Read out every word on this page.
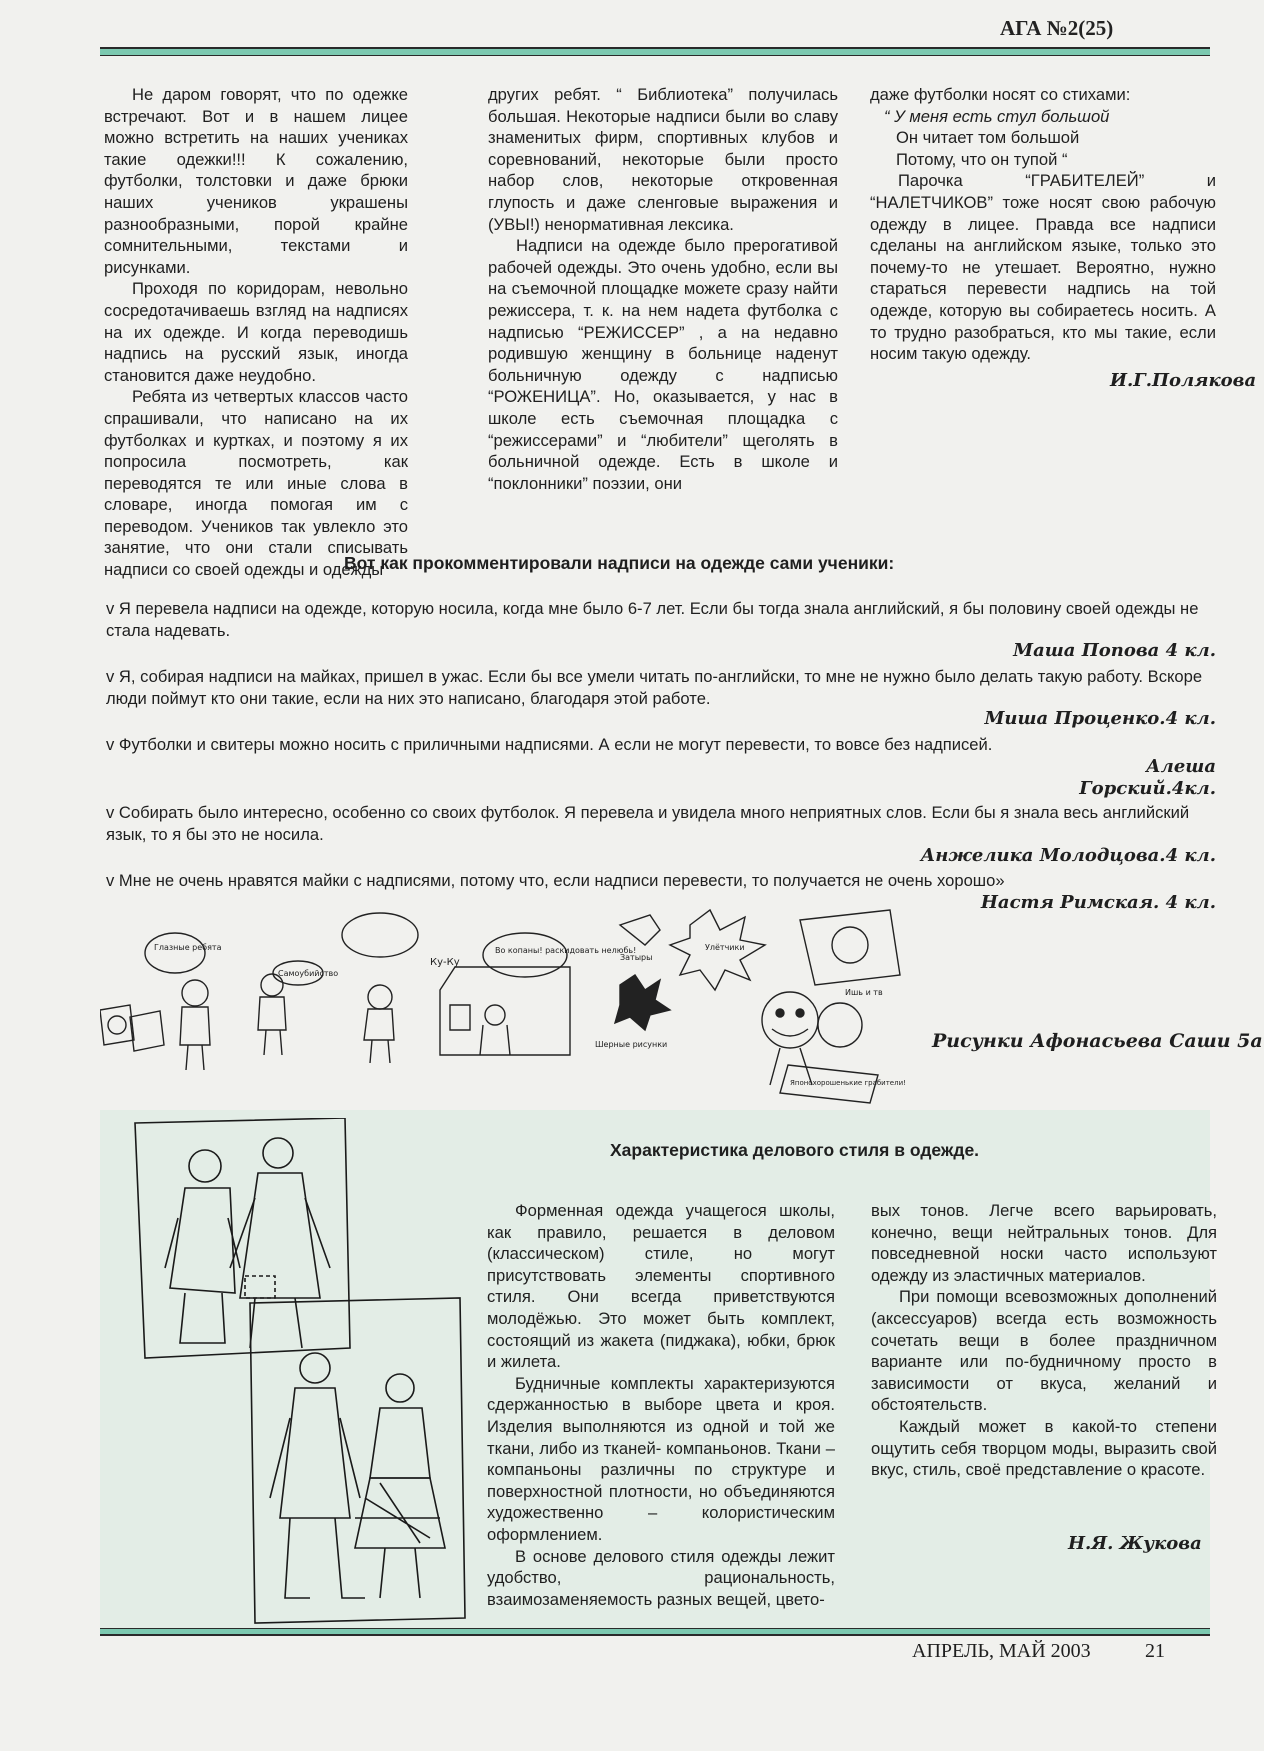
АГА №2(25)

Не даром говорят, что по одежке встречают. Вот и в нашем лицее можно встретить на наших учениках такие одежки!!! К сожалению, футболки, толстовки и даже брюки наших учеников украшены разнообразными, порой крайне сомнительными, текстами и рисунками.

Проходя по коридорам, невольно сосредотачиваешь взгляд на надписях на их одежде. И когда переводишь надпись на русский язык, иногда становится даже неудобно.

Ребята из четвертых классов часто спрашивали, что написано на их футболках и куртках, и поэтому я их попросила посмотреть, как переводятся те или иные слова в словаре, иногда помогая им с переводом. Учеников так увлекло это занятие, что они стали списывать надписи со своей одежды и одежды

других ребят. “ Библиотека” получилась большая. Некоторые надписи были во славу знаменитых фирм, спортивных клубов и соревнований, некоторые были просто набор слов, некоторые откровенная глупость и даже сленговые выражения и (УВЫ!) ненормативная лексика.

Надписи на одежде было прерогативой рабочей одежды. Это очень удобно, если вы на съемочной площадке можете сразу найти режиссера, т. к. на нем надета футболка с надписью “РЕЖИССЕР” , а на недавно родившую женщину в больнице наденут больничную одежду с надписью “РОЖЕНИЦА”. Но, оказывается, у нас в школе есть съемочная площадка с “режиссерами” и “любители” щеголять в больничной одежде. Есть в школе и “поклонники” поэзии, они

даже футболки носят со стихами:
“ У меня есть стул большой
Он читает том большой
Потому, что он тупой “

Парочка “ГРАБИТЕЛЕЙ” и “НАЛЕТЧИКОВ” тоже носят свою рабочую одежду в лицее. Правда все надписи сделаны на английском языке, только это почему-то не утешает. Вероятно, нужно стараться перевести надпись на той одежде, которую вы собираетесь носить. А то трудно разобраться, кто мы такие, если носим такую одежду.

И.Г.Полякова
Вот как прокомментировали надписи на одежде сами ученики:
v Я перевела надписи на одежде, которую носила, когда мне было 6-7 лет. Если бы тогда знала английский, я бы половину своей одежды не стала надевать.
Маша Попова 4 кл.
v Я, собирая надписи на майках, пришел в ужас. Если бы все умели читать по-английски, то мне не нужно было делать такую работу. Вскоре люди поймут кто они такие, если на них это написано, благодаря этой работе.
Миша Проценко.4 кл.
v Футболки и свитеры можно носить с приличными надписями. А если не могут перевести, то вовсе без надписей.
Алеша
Горский.4кл.
v Собирать было интересно, особенно со своих футболок. Я перевела и увидела много неприятных слов. Если бы я знала весь английский язык, то я бы это не носила.
Анжелика Молодцова.4 кл.
v Мне не очень нравятся майки с надписями, потому что, если надписи перевести, то получается не очень хорошо»
Настя Римская. 4 кл.
Глазные ребята
Самоубийство
Ку-Ку
Во копаны! раскидовать нелюбь!
Затыры
Шерные рисунки
Улётчики
Ишь и тв
Японохорошенькие грабители!
Рисунки Афонасьева Саши 5а
Характеристика делового стиля в одежде.

Форменная одежда учащегося школы, как правило, решается в деловом (классическом) стиле, но могут присутствовать элементы спортивного стиля. Они всегда приветствуются молодёжью. Это может быть комплект, состоящий из жакета (пиджака), юбки, брюк и жилета.

Будничные комплекты характеризуются сдержанностью в выборе цвета и кроя. Изделия выполняются из одной и той же ткани, либо из тканей- компаньонов. Ткани – компаньоны различны по структуре и поверхностной плотности, но объединяются художественно – колористическим оформлением.

В основе делового стиля одежды лежит удобство, рациональность, взаимозаменяемость разных вещей, цвето-

вых тонов. Легче всего варьировать, конечно, вещи нейтральных тонов. Для повседневной носки часто используют одежду из эластичных материалов.

При помощи всевозможных дополнений (аксессуаров) всегда есть возможность сочетать вещи в более праздничном варианте или по-будничному просто в зависимости от вкуса, желаний и обстоятельств.

Каждый может в какой-то степени ощутить себя творцом моды, выразить свой вкус, стиль, своё представление о красоте.

Н.Я. Жукова
АПРЕЛЬ, МАЙ 2003	21
